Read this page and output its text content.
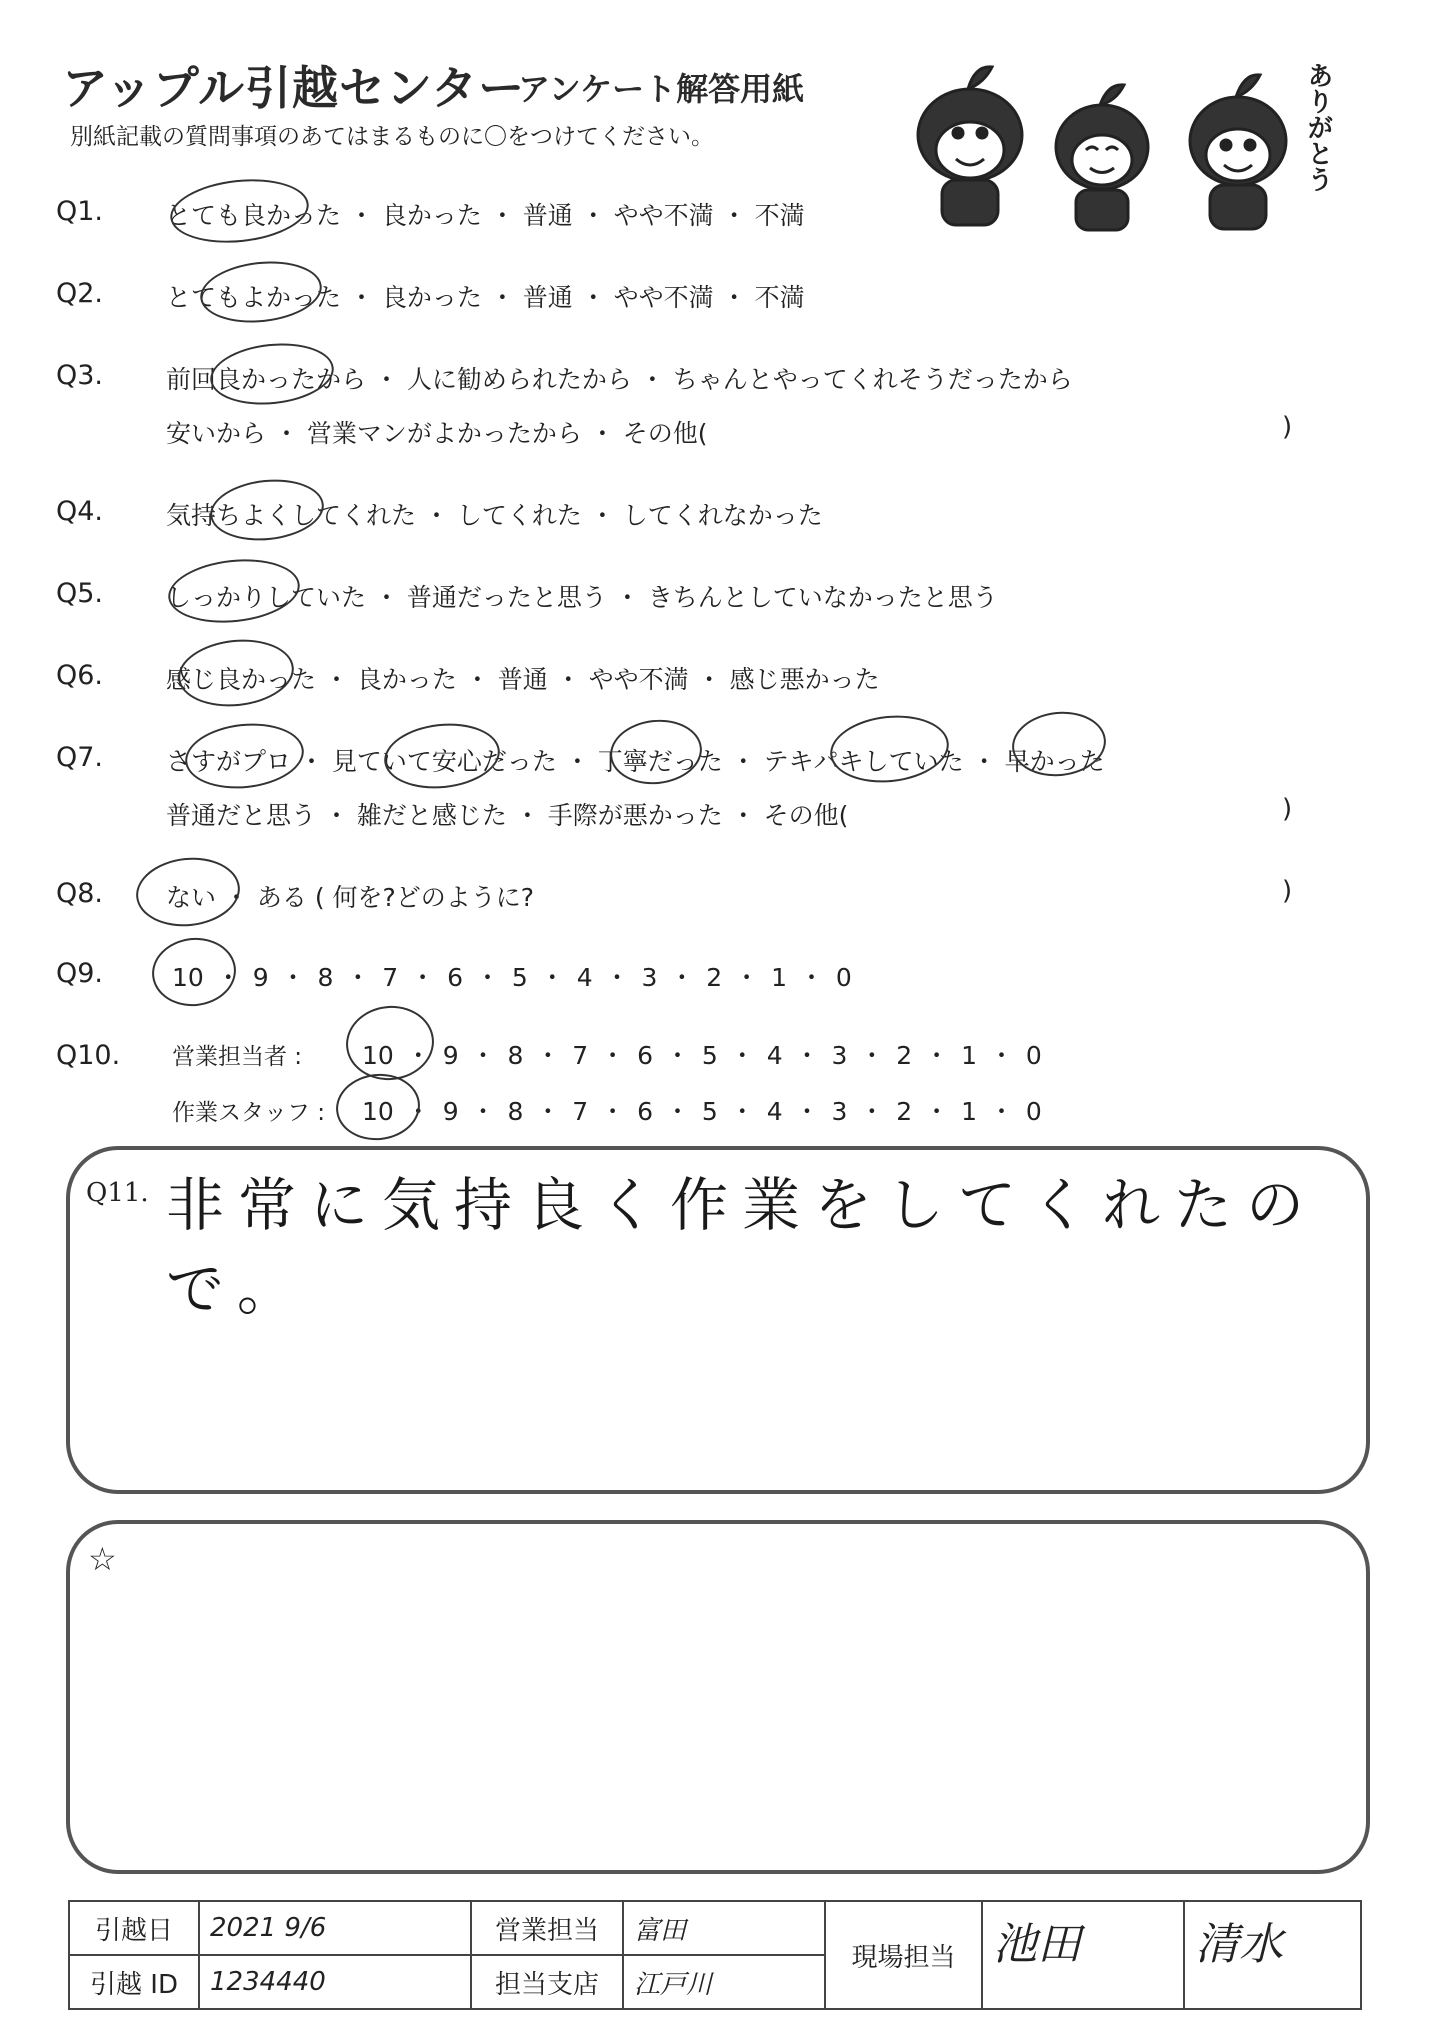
アップル引越センター
アンケート解答用紙
別紙記載の質問事項のあてはまるものに〇をつけてください。	ありがとう
Q1.	とても良かった ・ 良かった ・ 普通 ・ やや不満 ・ 不満
Q2.	とてもよかった ・ 良かった ・ 普通 ・ やや不満 ・ 不満
Q3.	前回良かったから ・ 人に勧められたから ・ ちゃんとやってくれそうだったから
安いから ・ 営業マンがよかったから ・ その他(	)
Q4.	気持ちよくしてくれた ・ してくれた ・ してくれなかった
Q5.	しっかりしていた ・ 普通だったと思う ・ きちんとしていなかったと思う
Q6.	感じ良かった ・ 良かった ・ 普通 ・ やや不満 ・ 感じ悪かった
Q7.	さすがプロ ・ 見ていて安心だった ・ 丁寧だった ・ テキパキしていた ・ 早かった
普通だと思う ・ 雑だと感じた ・ 手際が悪かった ・ その他(	)
Q8.	ない ・ ある ( 何を?どのように?	)
Q9.	10 ・ 9 ・ 8 ・ 7 ・ 6 ・ 5 ・ 4 ・ 3 ・ 2 ・ 1 ・ 0
Q10. 営業担当者 : 10 ・ 9 ・ 8 ・ 7 ・ 6 ・ 5 ・ 4 ・ 3 ・ 2 ・ 1 ・ 0
作業スタッフ : 10 ・ 9 ・ 8 ・ 7 ・ 6 ・ 5 ・ 4 ・ 3 ・ 2 ・ 1 ・ 0
Q11. 非常に気持良く作業をしてくれたので。
☆
引越日	2021 9/6	営業担当	富田	現場担当	池田	清水
引越 ID	1234440	担当支店	江戸川			
